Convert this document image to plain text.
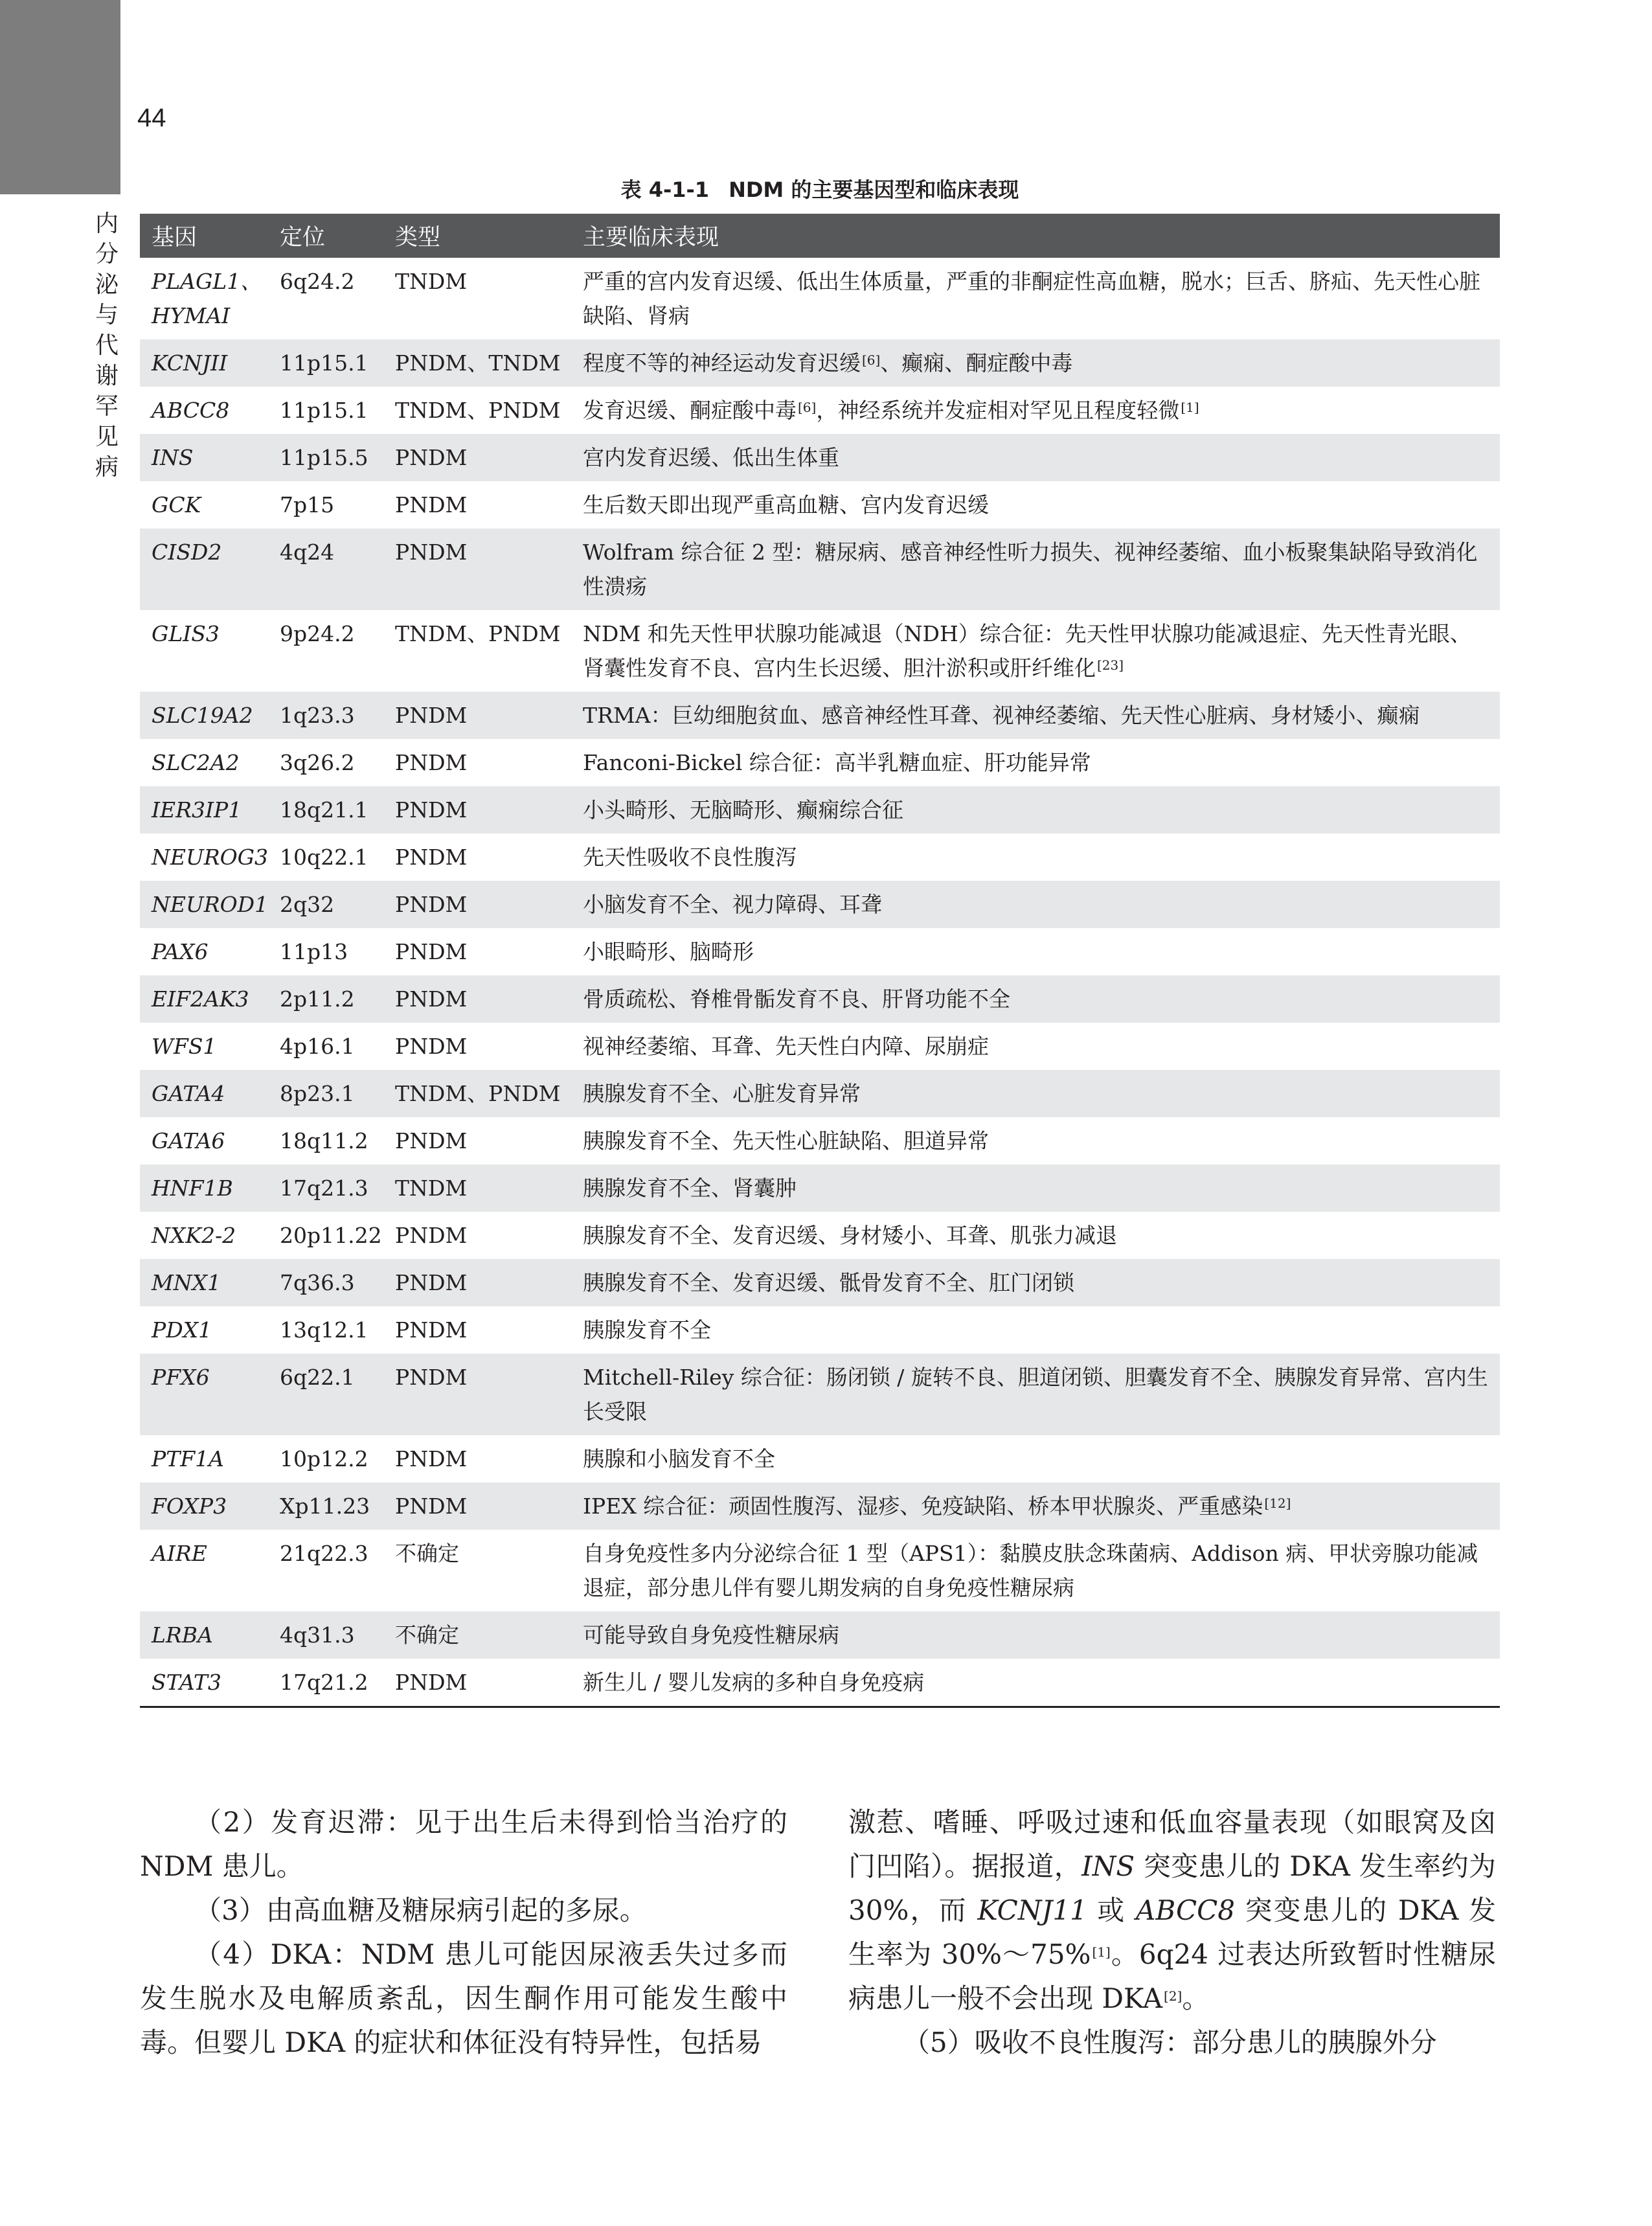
44
内分泌与代谢罕见病
表 4-1-1 NDM 的主要基因型和临床表现
基因	定位	类型	主要临床表现
PLAGL1、HYMAI	6q24.2	TNDM	严重的宫内发育迟缓、低出生体质量，严重的非酮症性高血糖，脱水；巨舌、脐疝、先天性心脏缺陷、肾病
KCNJII	11p15.1	PNDM、TNDM	程度不等的神经运动发育迟缓 [6]、癫痫、酮症酸中毒
ABCC8	11p15.1	TNDM、PNDM	发育迟缓、酮症酸中毒 [6]，神经系统并发症相对罕见且程度轻微 [1]
INS	11p15.5	PNDM	宫内发育迟缓、低出生体重
GCK	7p15	PNDM	生后数天即出现严重高血糖、宫内发育迟缓
CISD2	4q24	PNDM	Wolfram 综合征 2 型：糖尿病、感音神经性听力损失、视神经萎缩、血小板聚集缺陷导致消化性溃疡
GLIS3	9p24.2	TNDM、PNDM	NDM 和先天性甲状腺功能减退（NDH）综合征：先天性甲状腺功能减退症、先天性青光眼、肾囊性发育不良、宫内生长迟缓、胆汁淤积或肝纤维化 [23]
SLC19A2	1q23.3	PNDM	TRMA：巨幼细胞贫血、感音神经性耳聋、视神经萎缩、先天性心脏病、身材矮小、癫痫
SLC2A2	3q26.2	PNDM	Fanconi-Bickel 综合征：高半乳糖血症、肝功能异常
IER3IP1	18q21.1	PNDM	小头畸形、无脑畸形、癫痫综合征
NEUROG3	10q22.1	PNDM	先天性吸收不良性腹泻
NEUROD1	2q32	PNDM	小脑发育不全、视力障碍、耳聋
PAX6	11p13	PNDM	小眼畸形、脑畸形
EIF2AK3	2p11.2	PNDM	骨质疏松、脊椎骨骺发育不良、肝肾功能不全
WFS1	4p16.1	PNDM	视神经萎缩、耳聋、先天性白内障、尿崩症
GATA4	8p23.1	TNDM、PNDM	胰腺发育不全、心脏发育异常
GATA6	18q11.2	PNDM	胰腺发育不全、先天性心脏缺陷、胆道异常
HNF1B	17q21.3	TNDM	胰腺发育不全、肾囊肿
NXK2-2	20p11.22	PNDM	胰腺发育不全、发育迟缓、身材矮小、耳聋、肌张力减退
MNX1	7q36.3	PNDM	胰腺发育不全、发育迟缓、骶骨发育不全、肛门闭锁
PDX1	13q12.1	PNDM	胰腺发育不全
PFX6	6q22.1	PNDM	Mitchell-Riley 综合征：肠闭锁 / 旋转不良、胆道闭锁、胆囊发育不全、胰腺发育异常、宫内生长受限
PTF1A	10p12.2	PNDM	胰腺和小脑发育不全
FOXP3	Xp11.23	PNDM	IPEX 综合征：顽固性腹泻、湿疹、免疫缺陷、桥本甲状腺炎、严重感染 [12]
AIRE	21q22.3	不确定	自身免疫性多内分泌综合征 1 型（APS1）：黏膜皮肤念珠菌病、Addison 病、甲状旁腺功能减退症，部分患儿伴有婴儿期发病的自身免疫性糖尿病
LRBA	4q31.3	不确定	可能导致自身免疫性糖尿病
STAT3	17q21.2	PNDM	新生儿 / 婴儿发病的多种自身免疫病

（2）发育迟滞：见于出生后未得到恰当治疗的 NDM 患儿。

（3）由高血糖及糖尿病引起的多尿。

（4）DKA：NDM 患儿可能因尿液丢失过多而发生脱水及电解质紊乱，因生酮作用可能发生酸中毒。但婴儿 DKA 的症状和体征没有特异性，包括易

激惹、嗜睡、呼吸过速和低血容量表现（如眼窝及囟门凹陷）。据报道，INS 突变患儿的 DKA 发生率约为 30%，而 KCNJ11 或 ABCC8 突变患儿的 DKA 发生率为 30%～75% [1]。6q24 过表达所致暂时性糖尿病患儿一般不会出现 DKA [2]。

（5）吸收不良性腹泻：部分患儿的胰腺外分
